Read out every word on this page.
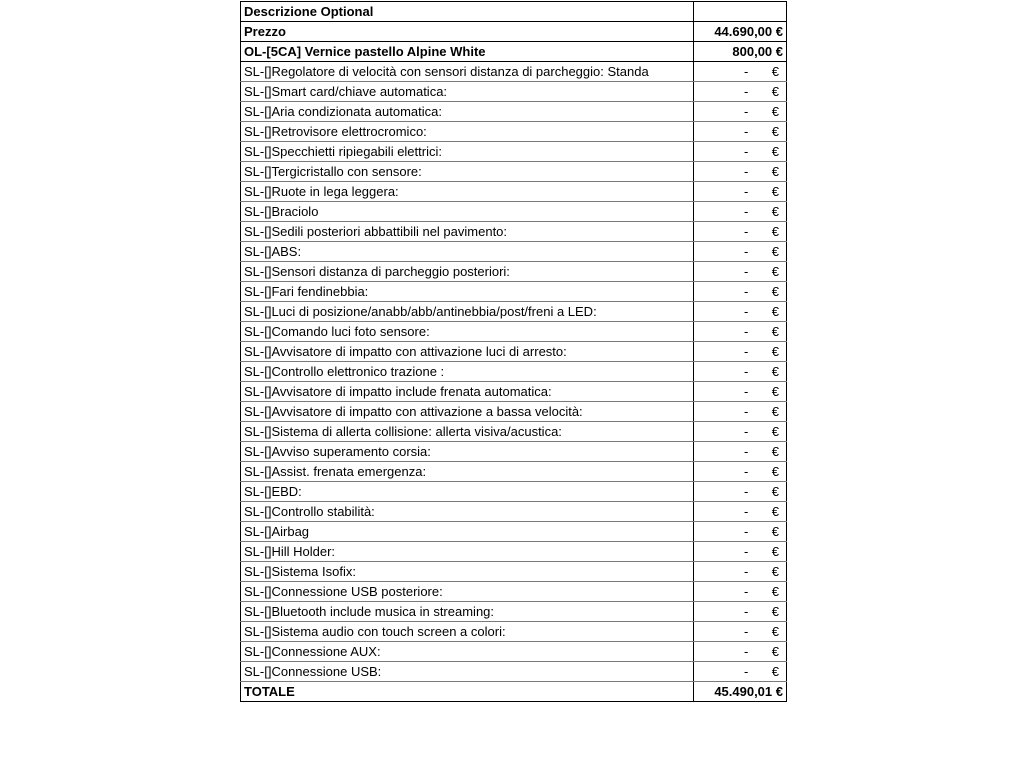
Descrizione Optional	
Prezzo	44.690,00 €
OL-[5CA] Vernice pastello Alpine White	800,00 €
SL-[]Regolatore di velocità con sensori distanza di parcheggio: Standa	- €

SL-[]Smart card/chiave automatica:	- €

SL-[]Aria condizionata automatica:	- €

SL-[]Retrovisore elettrocromico:	- €

SL-[]Specchietti ripiegabili elettrici:	- €

SL-[]Tergicristallo con sensore:	- €

SL-[]Ruote in lega leggera:	- €

SL-[]Braciolo	- €

SL-[]Sedili posteriori abbattibili nel pavimento:	- €

SL-[]ABS:	- €

SL-[]Sensori distanza di parcheggio posteriori:	- €

SL-[]Fari fendinebbia:	- €

SL-[]Luci di posizione/anabb/abb/antinebbia/post/freni a LED:	- €

SL-[]Comando luci foto sensore:	- €

SL-[]Avvisatore di impatto con attivazione luci di arresto:	- €

SL-[]Controllo elettronico trazione :	- €

SL-[]Avvisatore di impatto include frenata automatica:	- €

SL-[]Avvisatore di impatto con attivazione a bassa velocità:	- €

SL-[]Sistema di allerta collisione: allerta visiva/acustica:	- €

SL-[]Avviso superamento corsia:	- €

SL-[]Assist. frenata emergenza:	- €

SL-[]EBD:	- €

SL-[]Controllo stabilità:	- €

SL-[]Airbag	- €

SL-[]Hill Holder:	- €

SL-[]Sistema Isofix:	- €

SL-[]Connessione USB posteriore:	- €

SL-[]Bluetooth include musica in streaming:	- €

SL-[]Sistema audio con touch screen a colori:	- €

SL-[]Connessione AUX:	- €

SL-[]Connessione USB:	- €

TOTALE	45.490,01 €
